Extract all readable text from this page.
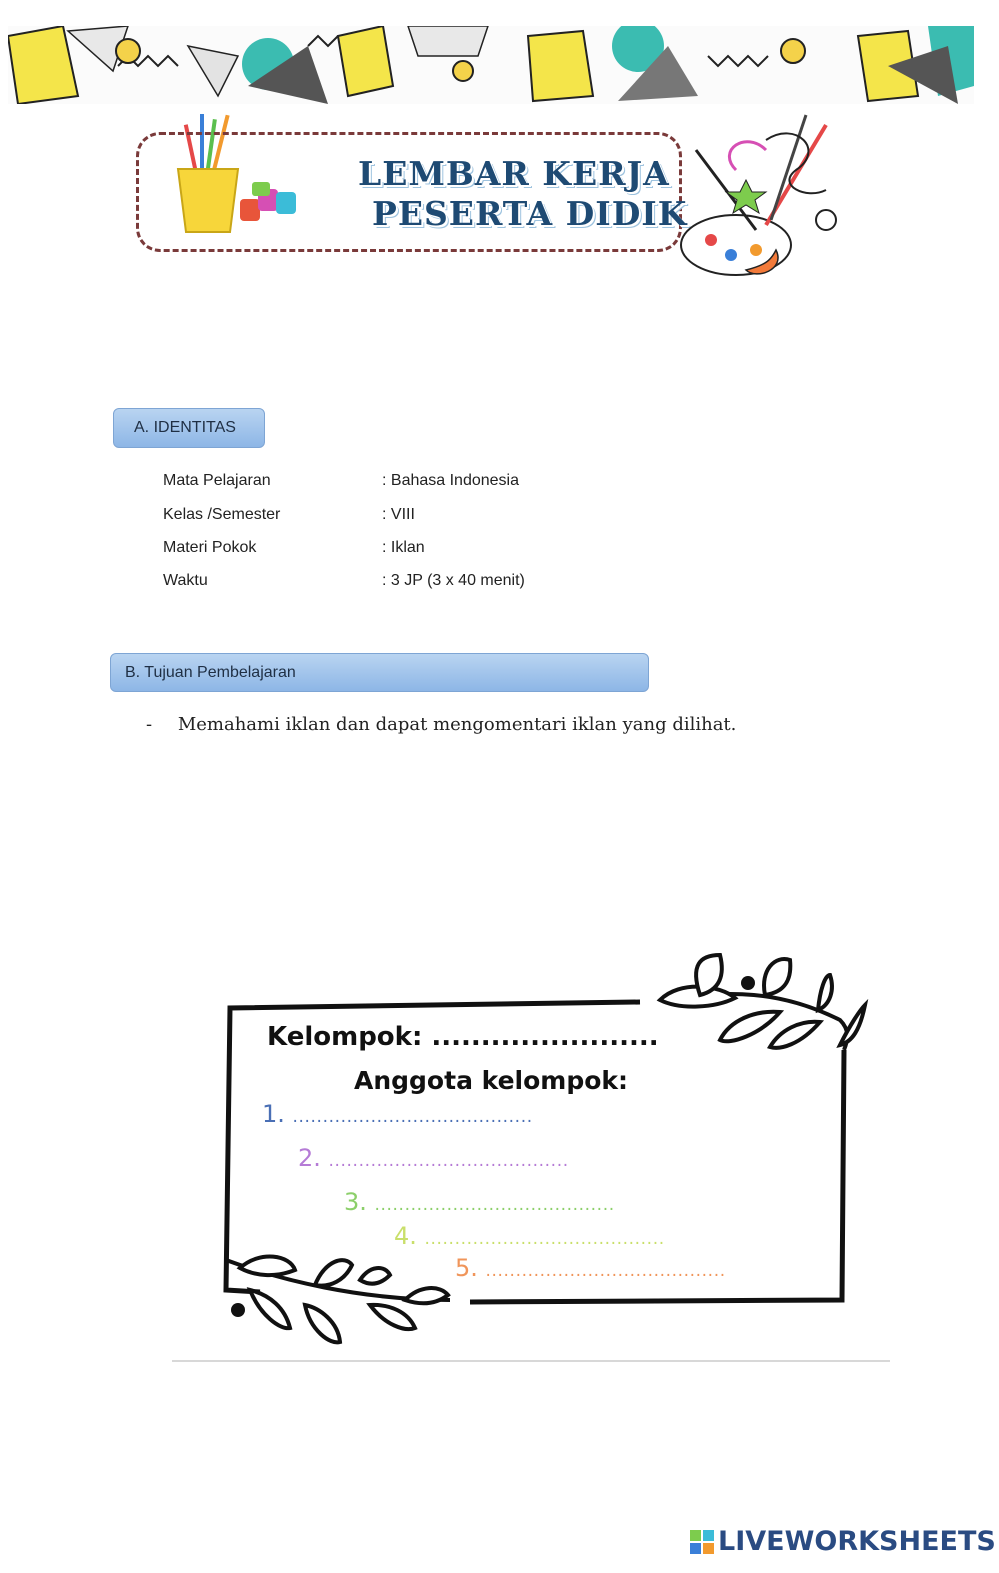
LEMBAR KERJA
PESERTA DIDIK
A. IDENTITAS
Mata Pelajaran	: Bahasa Indonesia
Kelas /Semester	: VIII
Materi Pokok	: Iklan
Waktu	: 3 JP (3 x 40 menit)
B. Tujuan Pembelajaran
- Memahami iklan dan dapat mengomentari iklan yang dilihat.
Kelompok: .......................
Anggota kelompok:
1. ........................................
2. ........................................
3. ........................................
4. ........................................
5. ........................................
LIVEWORKSHEETS
